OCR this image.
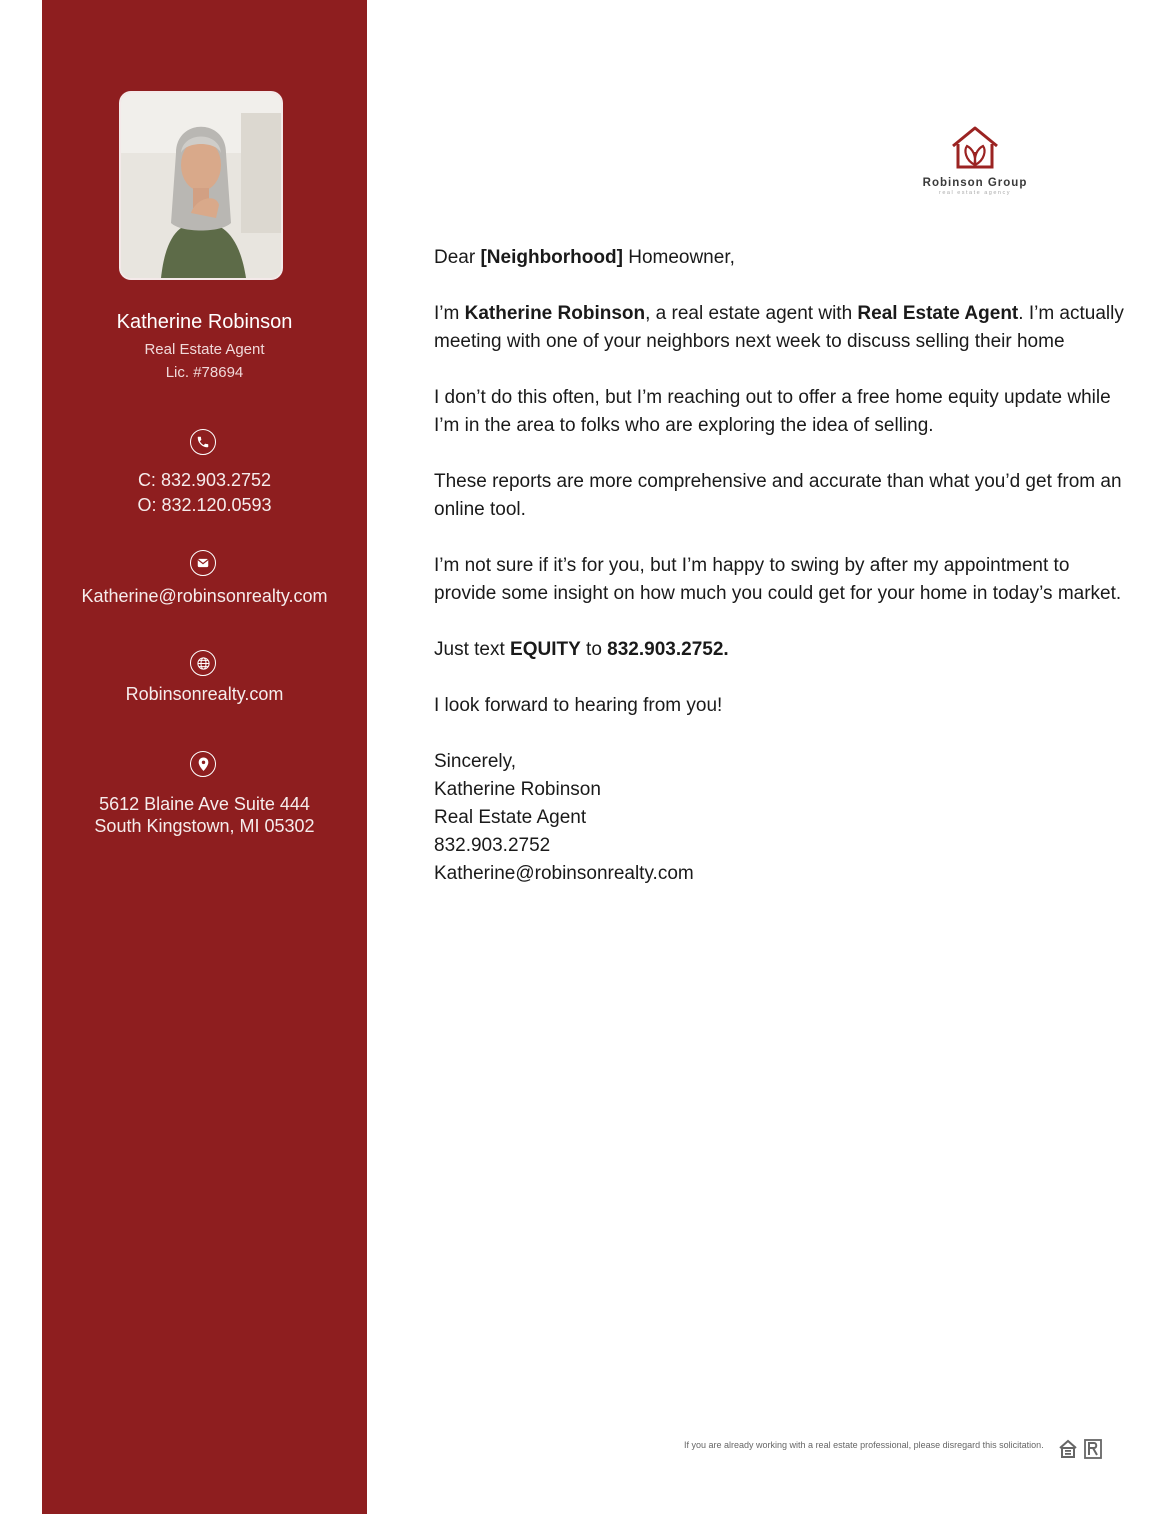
Katherine Robinson
Real Estate Agent
Lic. #78694
C: 832.903.2752
O: 832.120.0593
Katherine@robinsonrealty.com
Robinsonrealty.com
5612 Blaine Ave Suite 444
South Kingstown, MI 05302
Robinson Group
real estate agency

Dear [Neighborhood] Homeowner,

I’m Katherine Robinson, a real estate agent with Real Estate Agent. I’m actually meeting with one of your neighbors next week to discuss selling their home

I don’t do this often, but I’m reaching out to offer a free home equity update while I’m in the area to folks who are exploring the idea of selling.

These reports are more comprehensive and accurate than what you’d get from an online tool.

I’m not sure if it’s for you, but I’m happy to swing by after my appointment to provide some insight on how much you could get for your home in today’s market.

Just text EQUITY to 832.903.2752.

I look forward to hearing from you!

Sincerely,
Katherine Robinson
Real Estate Agent
832.903.2752
Katherine@robinsonrealty.com
If you are already working with a real estate professional, please disregard this solicitation.
